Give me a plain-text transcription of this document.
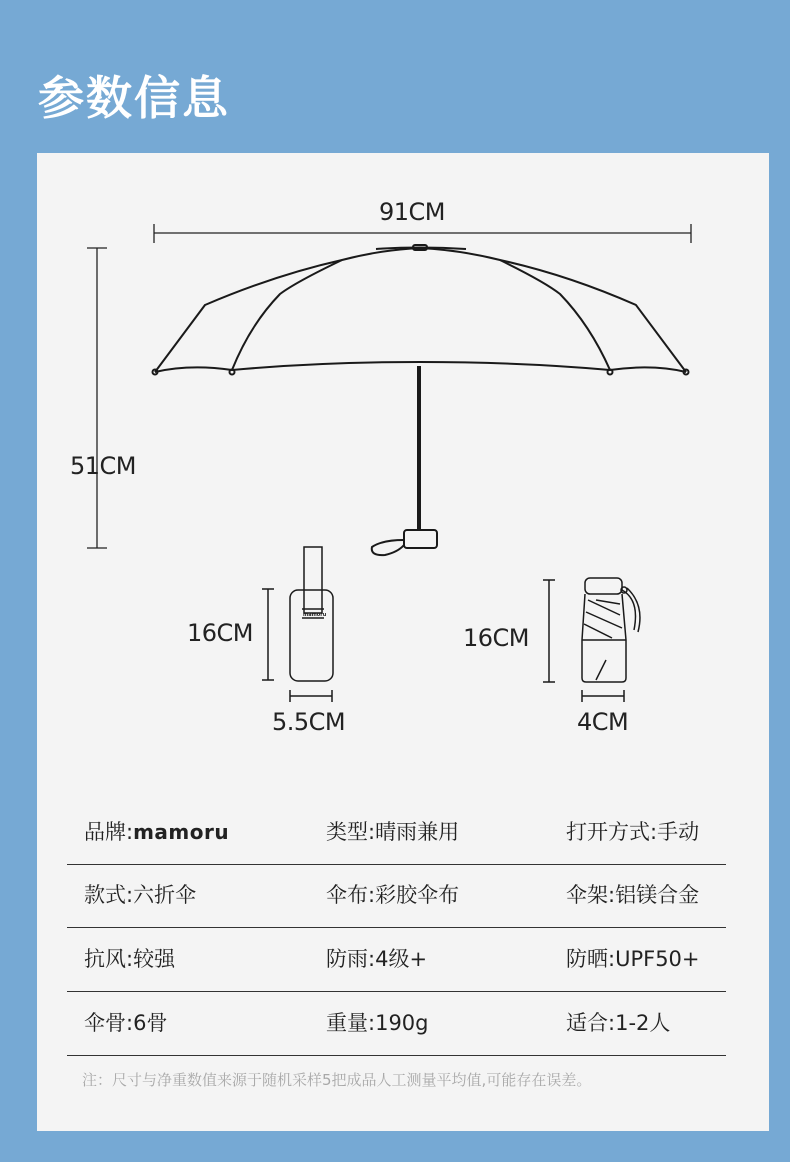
参数信息
91CM
51CM
16CM
5.5CM
16CM
4CM
mamoru
品牌:mamoru	类型:晴雨兼用	打开方式:手动
款式:六折伞	伞布:彩胶伞布	伞架:铝镁合金
抗风:较强	防雨:4级+	防晒:UPF50+
伞骨:6骨	重量:190g	适合:1-2人
注：尺寸与净重数值来源于随机采样5把成品人工测量平均值,可能存在误差。
